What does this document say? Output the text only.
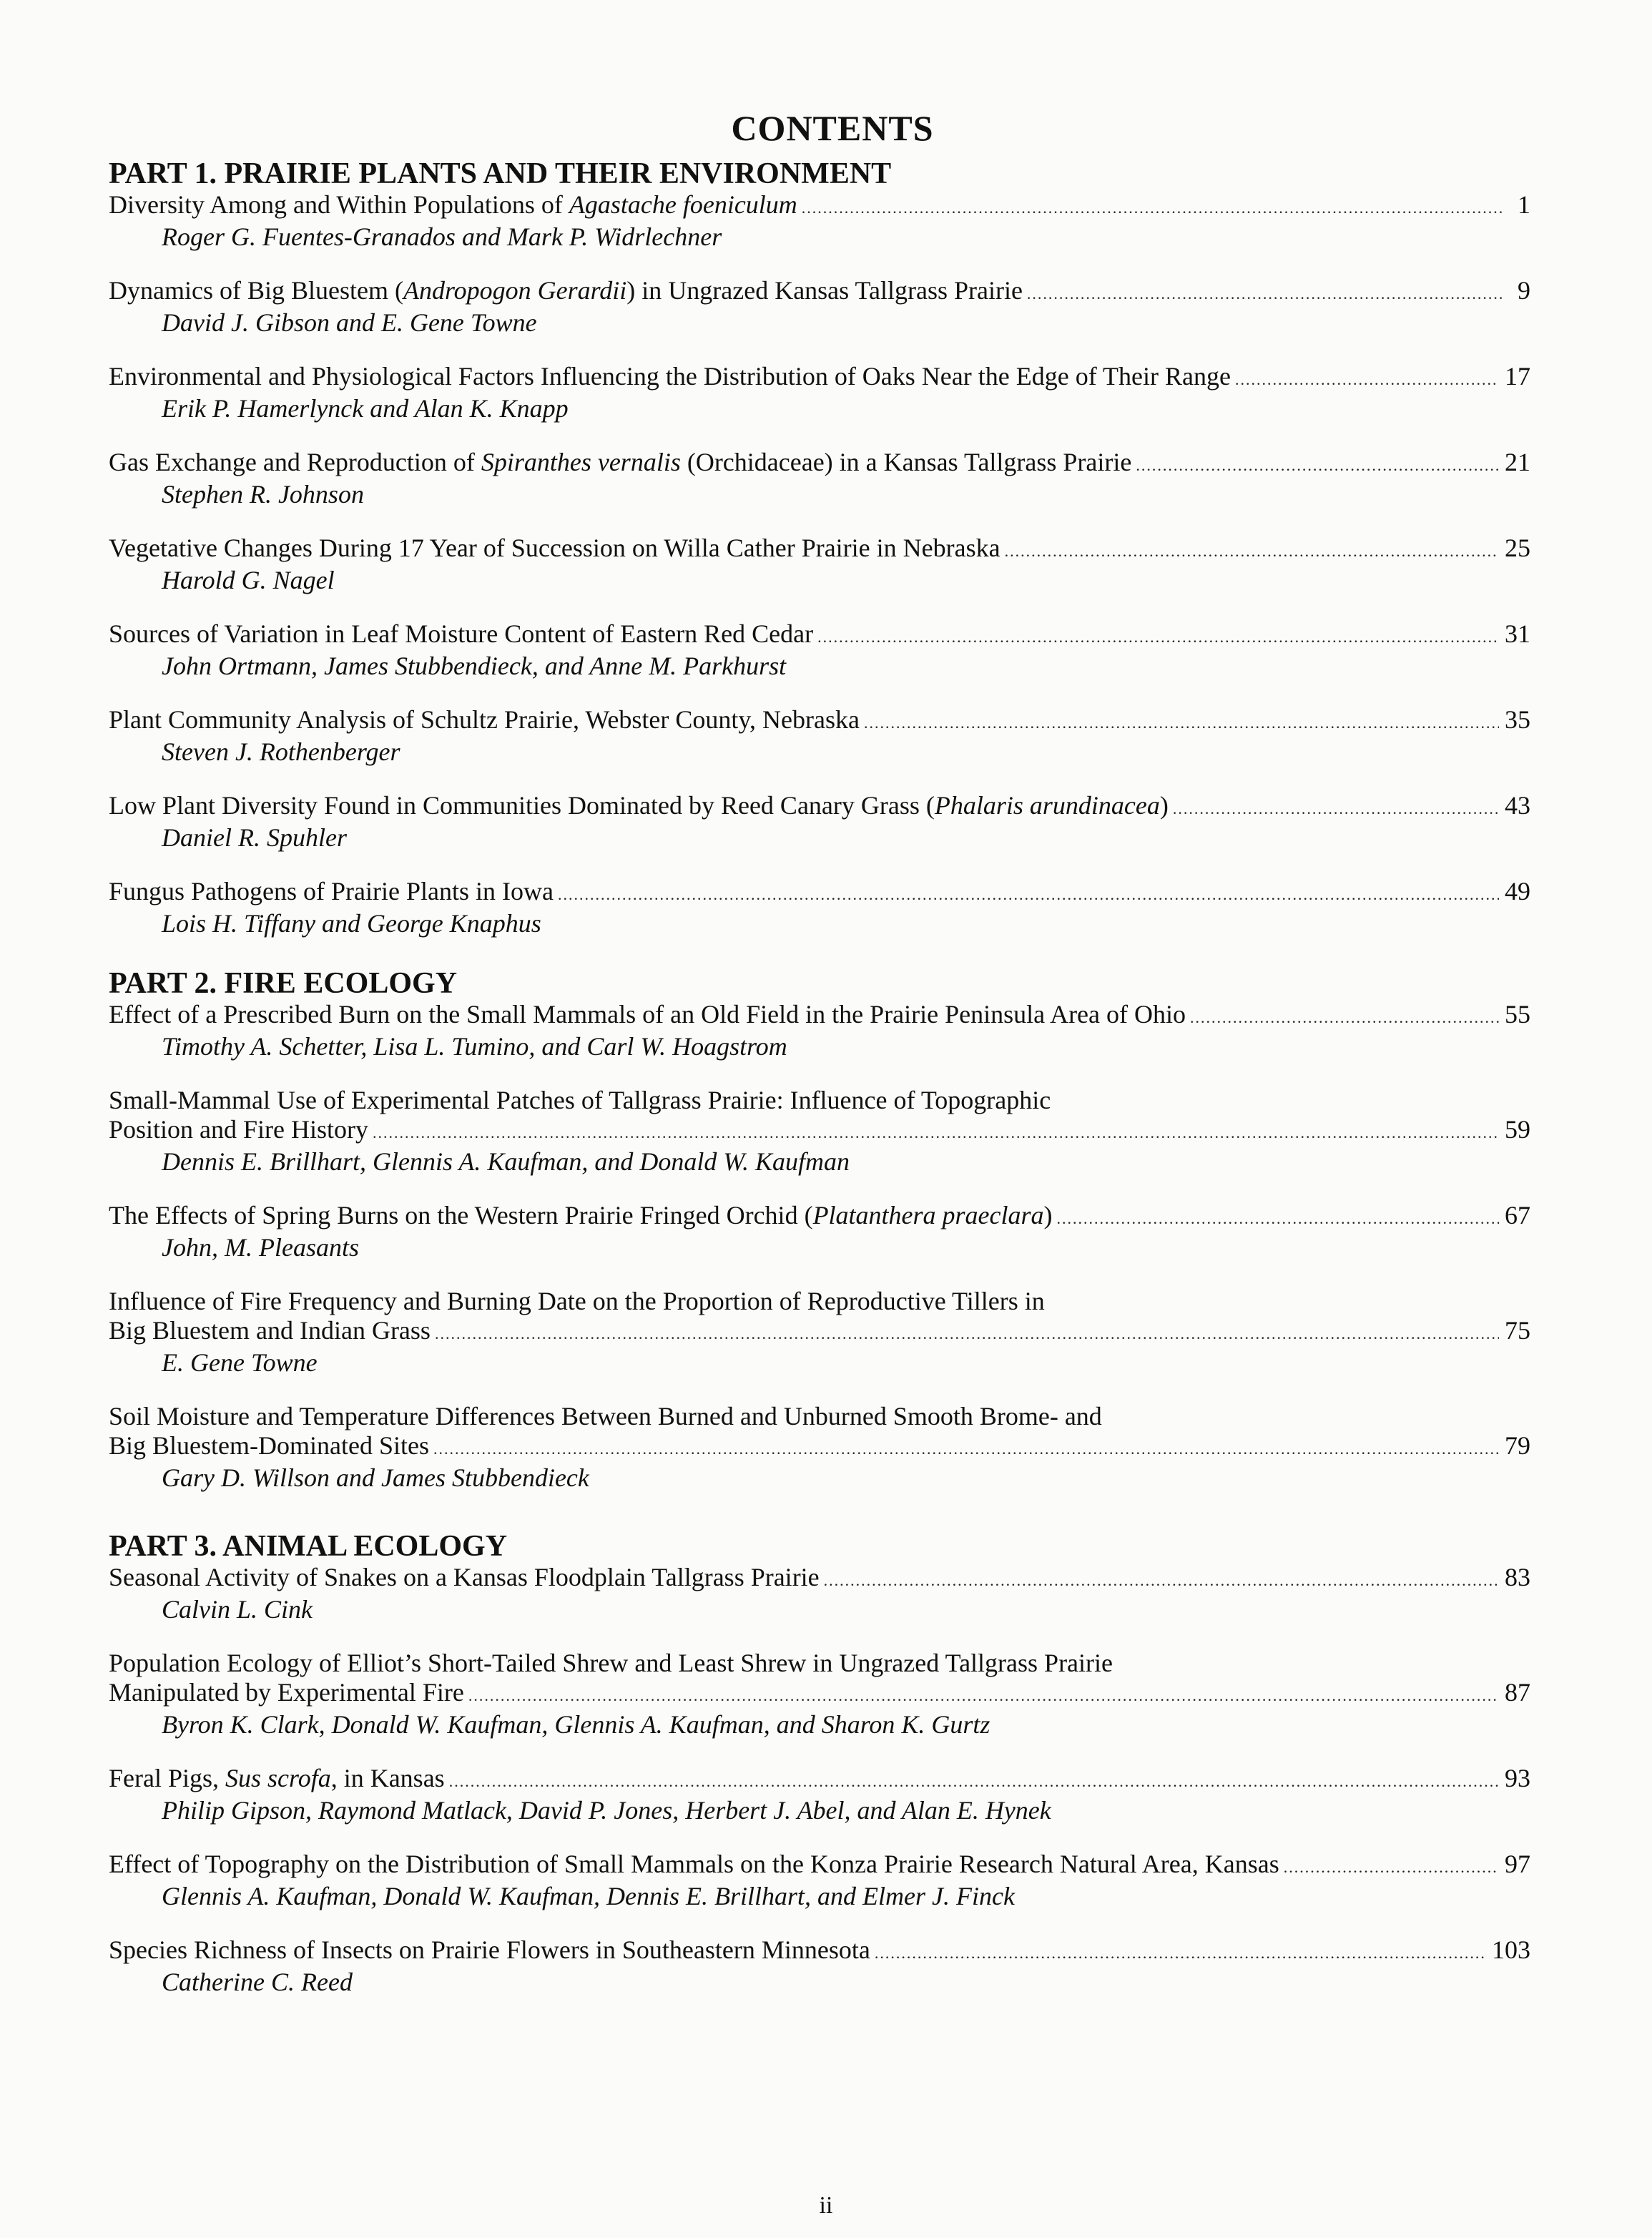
CONTENTS
PART 1. PRAIRIE PLANTS AND THEIR ENVIRONMENT
Diversity Among and Within Populations of Agastache foeniculum .....	1
Roger G. Fuentes-Granados and Mark P. Widrlechner
Dynamics of Big Bluestem (Andropogon Gerardii) in Ungrazed Kansas Tallgrass Prairie .....	9
David J. Gibson and E. Gene Towne
Environmental and Physiological Factors Influencing the Distribution of Oaks Near the Edge of Their Range .....	17
Erik P. Hamerlynck and Alan K. Knapp
Gas Exchange and Reproduction of Spiranthes vernalis (Orchidaceae) in a Kansas Tallgrass Prairie .....	21
Stephen R. Johnson
Vegetative Changes During 17 Year of Succession on Willa Cather Prairie in Nebraska .....	25
Harold G. Nagel
Sources of Variation in Leaf Moisture Content of Eastern Red Cedar .....	31
John Ortmann, James Stubbendieck, and Anne M. Parkhurst
Plant Community Analysis of Schultz Prairie, Webster County, Nebraska .....	35
Steven J. Rothenberger
Low Plant Diversity Found in Communities Dominated by Reed Canary Grass (Phalaris arundinacea) .....	43
Daniel R. Spuhler
Fungus Pathogens of Prairie Plants in Iowa .....	49
Lois H. Tiffany and George Knaphus
PART 2. FIRE ECOLOGY
Effect of a Prescribed Burn on the Small Mammals of an Old Field in the Prairie Peninsula Area of Ohio .....	55
Timothy A. Schetter, Lisa L. Tumino, and Carl W. Hoagstrom
Small-Mammal Use of Experimental Patches of Tallgrass Prairie: Influence of Topographic
Position and Fire History .....	59
Dennis E. Brillhart, Glennis A. Kaufman, and Donald W. Kaufman
The Effects of Spring Burns on the Western Prairie Fringed Orchid (Platanthera praeclara) .....	67
John, M. Pleasants
Influence of Fire Frequency and Burning Date on the Proportion of Reproductive Tillers in
Big Bluestem and Indian Grass .....	75
E. Gene Towne
Soil Moisture and Temperature Differences Between Burned and Unburned Smooth Brome- and
Big Bluestem-Dominated Sites .....	79
Gary D. Willson and James Stubbendieck
PART 3. ANIMAL ECOLOGY
Seasonal Activity of Snakes on a Kansas Floodplain Tallgrass Prairie .....	83
Calvin L. Cink
Population Ecology of Elliot’s Short-Tailed Shrew and Least Shrew in Ungrazed Tallgrass Prairie
Manipulated by Experimental Fire .....	87
Byron K. Clark, Donald W. Kaufman, Glennis A. Kaufman, and Sharon K. Gurtz
Feral Pigs, Sus scrofa, in Kansas .....	93
Philip Gipson, Raymond Matlack, David P. Jones, Herbert J. Abel, and Alan E. Hynek
Effect of Topography on the Distribution of Small Mammals on the Konza Prairie Research Natural Area, Kansas .....	97
Glennis A. Kaufman, Donald W. Kaufman, Dennis E. Brillhart, and Elmer J. Finck
Species Richness of Insects on Prairie Flowers in Southeastern Minnesota .....	103
Catherine C. Reed
ii
